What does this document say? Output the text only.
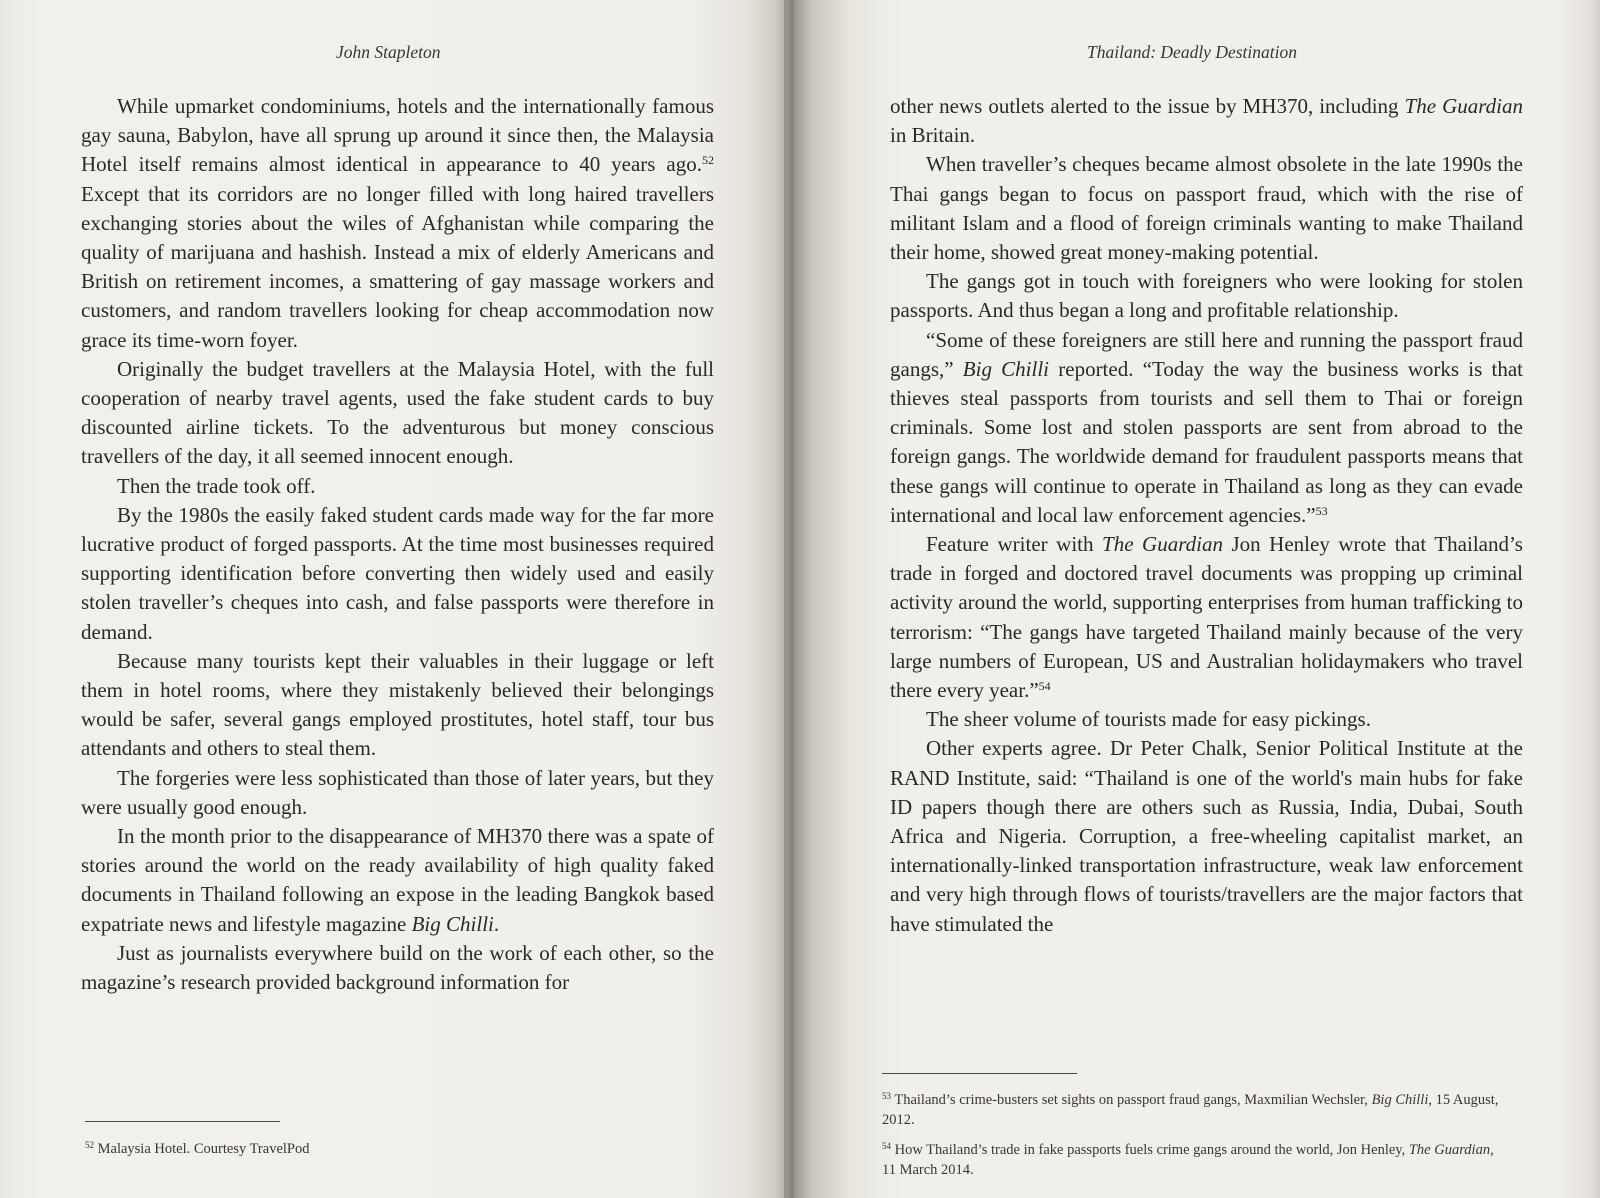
John Stapleton

While upmarket condominiums, hotels and the internationally famous gay sauna, Babylon, have all sprung up around it since then, the Malaysia Hotel itself remains almost identical in appearance to 40 years ago.$^{52}$ Except that its corridors are no longer filled with long haired travellers exchanging stories about the wiles of Afghanistan while comparing the quality of marijuana and hashish. Instead a mix of elderly Americans and British on retirement incomes, a smattering of gay massage workers and customers, and random travellers looking for cheap accommodation now grace its time-worn foyer.

Originally the budget travellers at the Malaysia Hotel, with the full cooperation of nearby travel agents, used the fake student cards to buy discounted airline tickets. To the adventurous but money conscious travellers of the day, it all seemed innocent enough.

Then the trade took off.

By the 1980s the easily faked student cards made way for the far more lucrative product of forged passports. At the time most businesses required supporting identification before converting then widely used and easily stolen traveller’s cheques into cash, and false passports were therefore in demand.

Because many tourists kept their valuables in their luggage or left them in hotel rooms, where they mistakenly believed their belongings would be safer, several gangs employed prostitutes, hotel staff, tour bus attendants and others to steal them.

The forgeries were less sophisticated than those of later years, but they were usually good enough.

In the month prior to the disappearance of MH370 there was a spate of stories around the world on the ready availability of high quality faked documents in Thailand following an expose in the leading Bangkok based expatriate news and lifestyle magazine Big Chilli.

Just as journalists everywhere build on the work of each other, so the magazine’s research provided background information for

$^{52}$ Malaysia Hotel. Courtesy TravelPod

Thailand: Deadly Destination

other news outlets alerted to the issue by MH370, including The Guardian in Britain.

When traveller’s cheques became almost obsolete in the late 1990s the Thai gangs began to focus on passport fraud, which with the rise of militant Islam and a flood of foreign criminals wanting to make Thailand their home, showed great money-making potential.

The gangs got in touch with foreigners who were looking for stolen passports. And thus began a long and profitable relationship.

“Some of these foreigners are still here and running the passport fraud gangs,” Big Chilli reported. “Today the way the business works is that thieves steal passports from tourists and sell them to Thai or foreign criminals. Some lost and stolen passports are sent from abroad to the foreign gangs. The worldwide demand for fraudulent passports means that these gangs will continue to operate in Thailand as long as they can evade international and local law enforcement agencies.”$^{53}$

Feature writer with The Guardian Jon Henley wrote that Thailand’s trade in forged and doctored travel documents was propping up criminal activity around the world, supporting enterprises from human trafficking to terrorism: “The gangs have targeted Thailand mainly because of the very large numbers of European, US and Australian holidaymakers who travel there every year.”$^{54}$

The sheer volume of tourists made for easy pickings.

Other experts agree. Dr Peter Chalk, Senior Political Institute at the RAND Institute, said: “Thailand is one of the world's main hubs for fake ID papers though there are others such as Russia, India, Dubai, South Africa and Nigeria. Corruption, a free-wheeling capitalist market, an internationally-linked transportation infrastructure, weak law enforcement and very high through flows of tourists/travellers are the major factors that have stimulated the

$^{53}$ Thailand’s crime-busters set sights on passport fraud gangs, Maxmilian Wechsler, Big Chilli, 15 August, 2012.

$^{54}$ How Thailand’s trade in fake passports fuels crime gangs around the world, Jon Henley, The Guardian, 11 March 2014.
